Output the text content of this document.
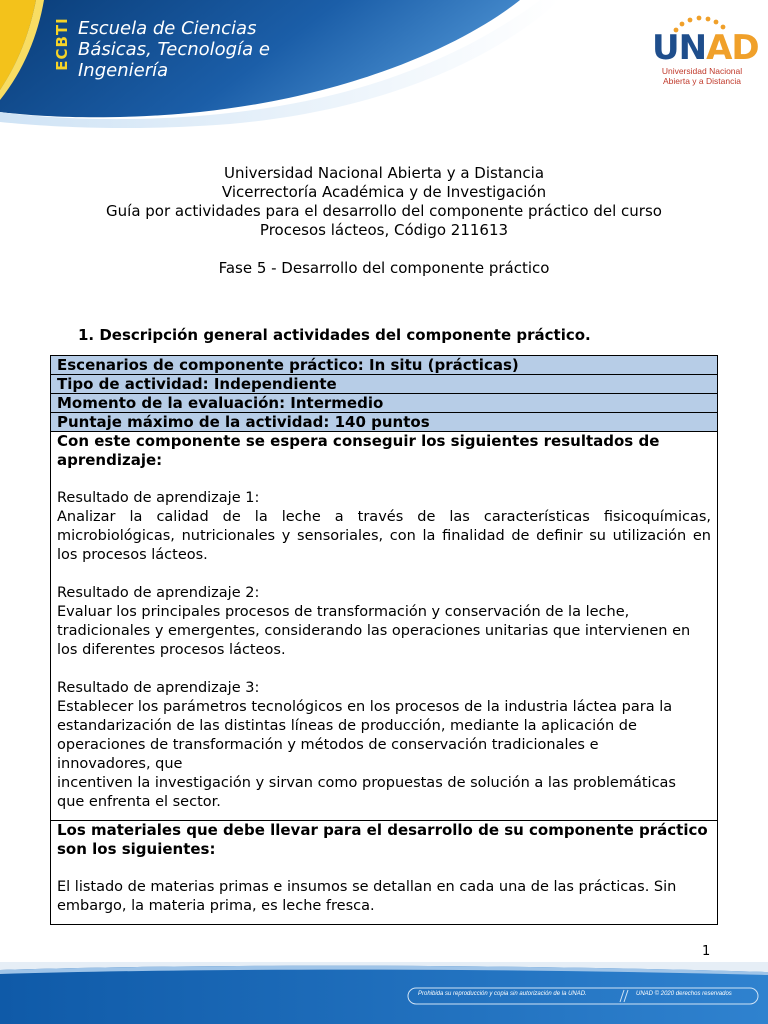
ECBTI Escuela de Ciencias
Básicas, Tecnología e
Ingeniería
UNAD
Universidad Nacional
Abierta y a Distancia
Universidad Nacional Abierta y a Distancia
Vicerrectoría Académica y de Investigación
Guía por actividades para el desarrollo del componente práctico del curso
Procesos lácteos, Código 211613
Fase 5 - Desarrollo del componente práctico
1. Descripción general actividades del componente práctico.
Escenarios de componente práctico: In situ (prácticas)
Tipo de actividad: Independiente
Momento de la evaluación: Intermedio
Puntaje máximo de la actividad: 140 puntos

Con este componente se espera conseguir los siguientes resultados de aprendizaje:
Resultado de aprendizaje 1:
Analizar la calidad de la leche a través de las características fisicoquímicas, microbiológicas, nutricionales y sensoriales, con la finalidad de definir su utilización en los procesos lácteos.
Resultado de aprendizaje 2:
Evaluar los principales procesos de transformación y conservación de la leche, tradicionales y emergentes, considerando las operaciones unitarias que intervienen en los diferentes procesos lácteos.
Resultado de aprendizaje 3:
Establecer los parámetros tecnológicos en los procesos de la industria láctea para la
estandarización de las distintas líneas de producción, mediante la aplicación de
operaciones de transformación y métodos de conservación tradicionales e
innovadores, que
incentiven la investigación y sirvan como propuestas de solución a las problemáticas
que enfrenta el sector.

Los materiales que debe llevar para el desarrollo de su componente práctico son los siguientes:
El listado de materias primas e insumos se detallan en cada una de las prácticas. Sin embargo, la materia prima, es leche fresca.
1
Prohibida su reproducción y copia sin autorización de la UNAD.	UNAD © 2020 derechos reservados
